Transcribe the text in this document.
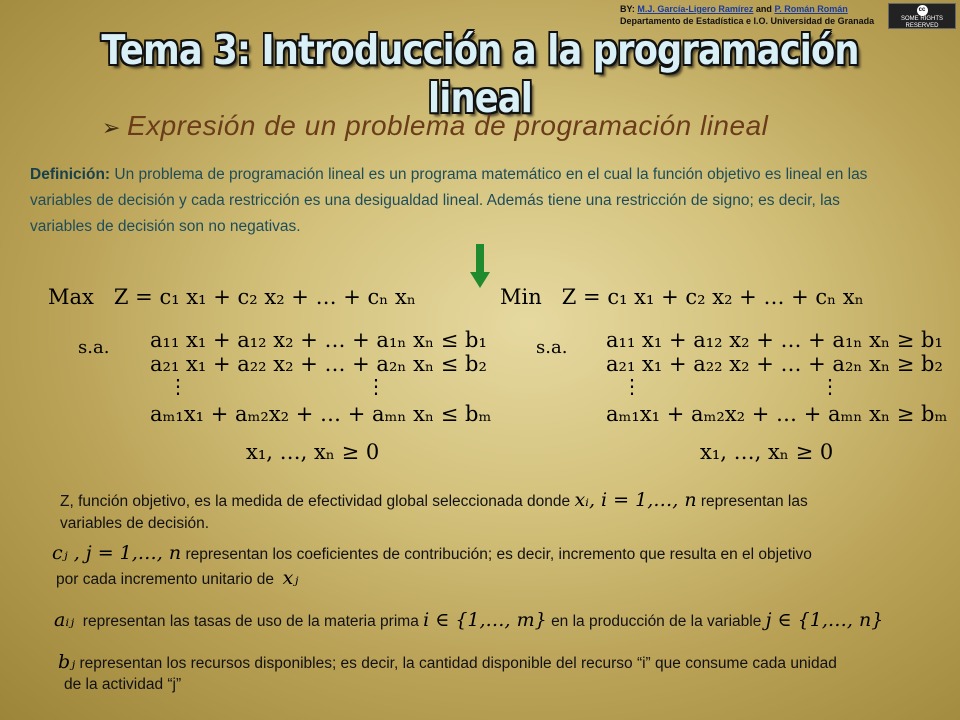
BY: M.J. García-Ligero Ramírez and P. Román Román
Departamento de Estadística e I.O. Universidad de Granada
cc
SOME RIGHTS RESERVED
Tema 3: Introducción a la programación lineal
➢ Expresión de un problema de programación lineal
Definición: Un problema de programación lineal es un programa matemático en el cual la función objetivo es lineal en las variables de decisión y cada restricción es una desigualdad lineal. Además tiene una restricción de signo; es decir, las variables de decisión son no negativas.
Max Z = c₁ x₁ + c₂ x₂ + … + cₙ xₙ
s.a. a₁₁ x₁ + a₁₂ x₂ + … + a₁ₙ xₙ ≤ b₁
a₂₁ x₁ + a₂₂ x₂ + … + a₂ₙ xₙ ≤ b₂
⋮	⋮
aₘ₁x₁ + aₘ₂x₂ + … + aₘₙ xₙ ≤ bₘ
x₁, …, xₙ ≥ 0
Min Z = c₁ x₁ + c₂ x₂ + … + cₙ xₙ
s.a. a₁₁ x₁ + a₁₂ x₂ + … + a₁ₙ xₙ ≥ b₁
a₂₁ x₁ + a₂₂ x₂ + … + a₂ₙ xₙ ≥ b₂
⋮	⋮
aₘ₁x₁ + aₘ₂x₂ + … + aₘₙ xₙ ≥ bₘ
x₁, …, xₙ ≥ 0
Z, función objetivo, es la medida de efectividad global seleccionada donde xᵢ, i = 1,…, n representan las
variables de decisión.
cⱼ , j = 1,…, n representan los coeficientes de contribución; es decir, incremento que resulta en el objetivo
por cada incremento unitario de xⱼ
aᵢⱼ representan las tasas de uso de la materia prima i ∈ {1,…, m} en la producción de la variable j ∈ {1,…, n}
bⱼ representan los recursos disponibles; es decir, la cantidad disponible del recurso “i” que consume cada unidad
de la actividad “j”
